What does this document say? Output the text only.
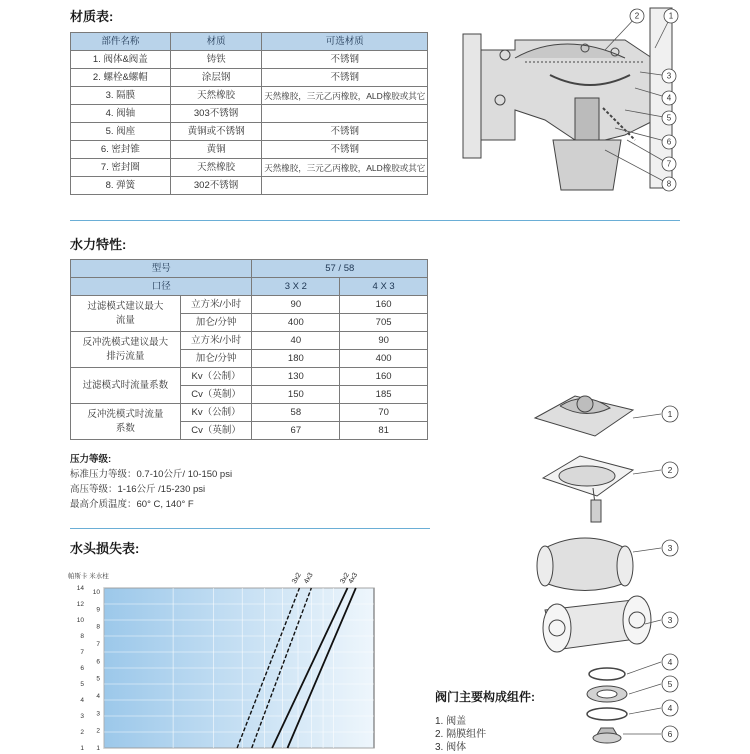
材质表:
部件名称	材质	可选材质
1. 阀体&阀盖	铸铁	不锈钢
2. 螺栓&螺帽	涂层钢	不锈钢
3. 隔膜	天然橡胶	天然橡胶，三元乙丙橡胶，ALD橡胶或其它
4. 阀轴	303不锈钢	
5. 阀座	黄铜或不锈钢	不锈钢
6. 密封锥	黄铜	不锈钢
7. 密封圈	天然橡胶	天然橡胶，三元乙丙橡胶，ALD橡胶或其它
8. 弹簧	302不锈钢	
2	1
3
4
5
6
7
8
水力特性:
型号		57 / 58	
口径		3 X 2	4 X 3
过滤模式建议最大
流量	立方米/小时	90	160
	加仑/分钟	400	705
反冲洗模式建议最大
排污流量	立方米/小时	40	90
	加仑/分钟	180	400
过滤模式时流量系数	Kv（公制）	130	160
	Cv（英制）	150	185
反冲洗模式时流量
系数	Kv（公制）	58	70
	Cv（英制）	67	81
压力等级:
标准压力等级：0.7-10公斤/ 10-150 psi
高压等级：1-16公斤 /15-230 psi
最高介质温度：60° C, 140° F
水头损失表:
帕斯卡 米水柱
14
12
10
8
7
6
5
4
3
2
1
10
9
8
7
6
5
4
3
2
1
3x2 4x3	3x2
4x3
1
2
3
3
4
5
4
6
阀门主要构成组件:
1. 阀盖
2. 隔膜组件
3. 阀体
